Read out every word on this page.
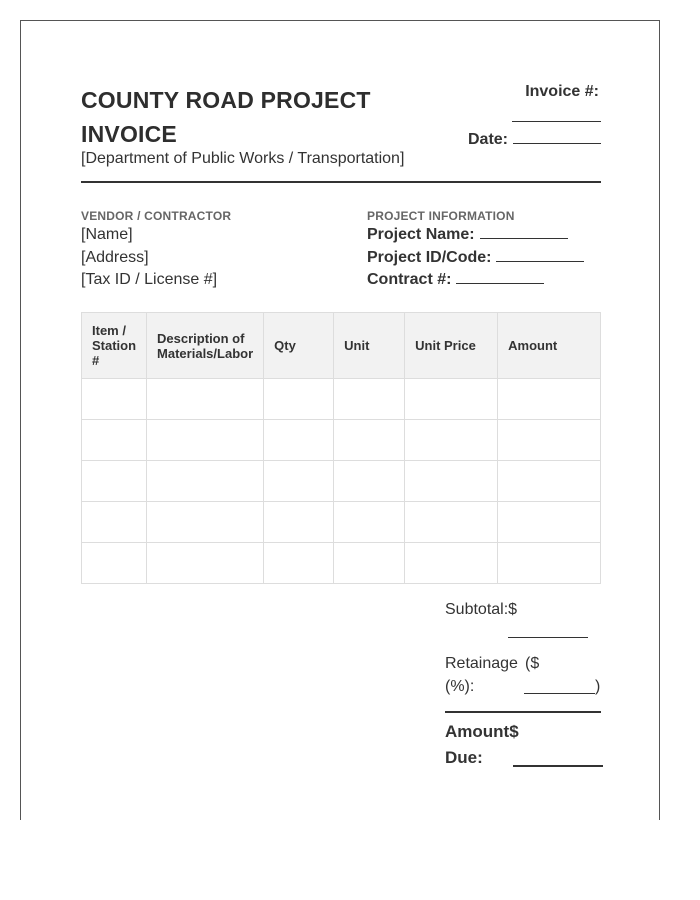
COUNTY ROAD PROJECT INVOICE
[Department of Public Works / Transportation]
Invoice #:
Date:
VENDOR / CONTRACTOR
[Name]
[Address]
[Tax ID / License #]
PROJECT INFORMATION
Project Name:
Project ID/Code:
Contract #:
Item / Station #	Description of Materials/Labor	Qty	Unit	Unit Price	Amount

Subtotal:$
Retainage ($
(%):	)
Amount$
Due:
